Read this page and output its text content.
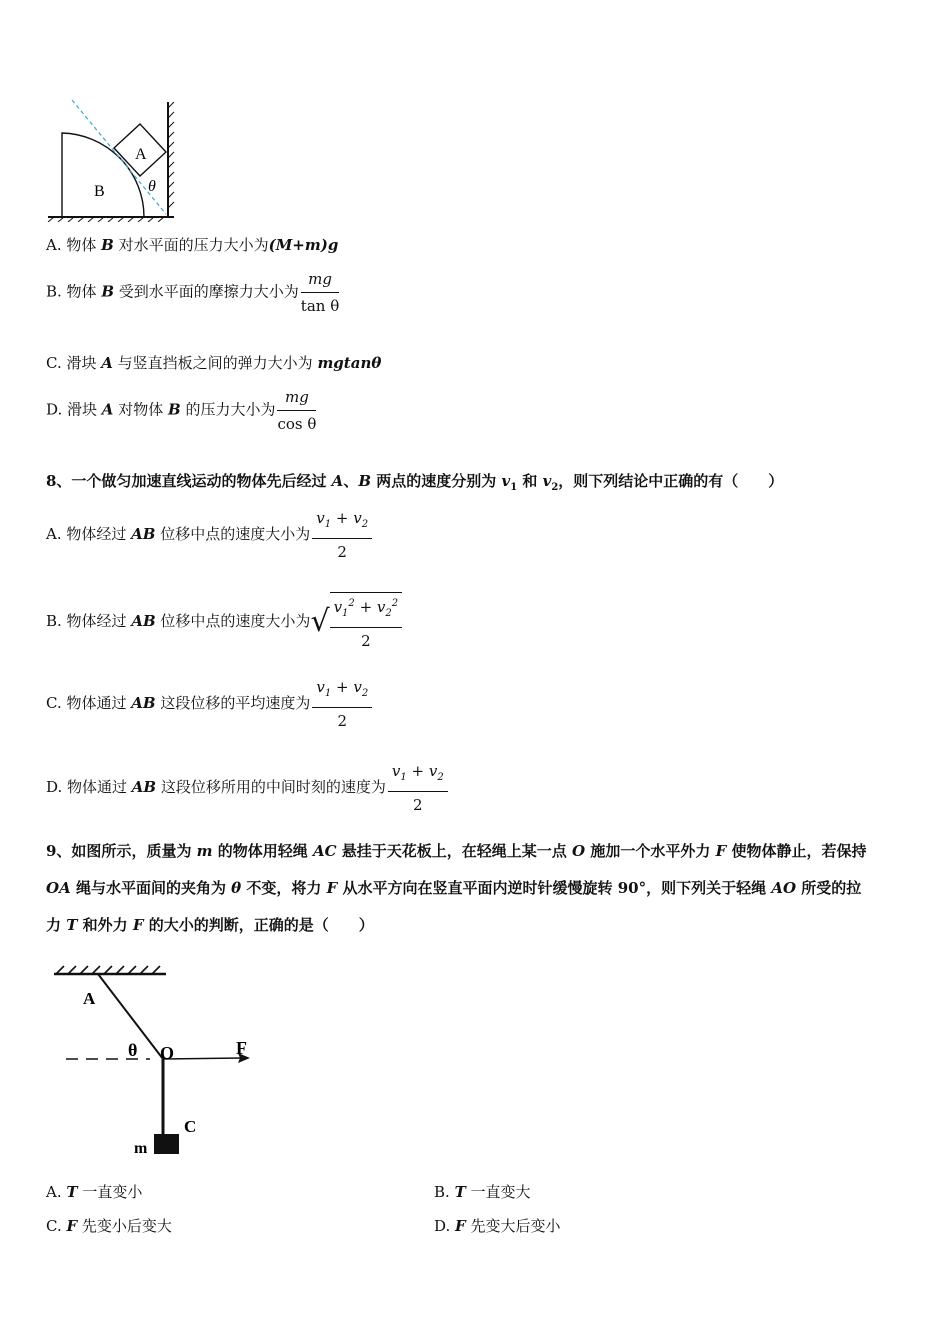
A
B	θ
A. 物体 B 对水平面的压力大小为(M+m)g
B. 物体 B 受到水平面的摩擦力大小为 $\frac{mg}{\text{tan θ}}$
C. 滑块 A 与竖直挡板之间的弹力大小为 mgtanθ
D. 滑块 A 对物体 B 的压力大小为 $\frac{mg}{\text{cos θ}}$
8、一个做匀加速直线运动的物体先后经过 A、B 两点的速度分别为 $v_1$ 和 $v_2$，则下列结论中正确的有（　　）
A. 物体经过 AB 位移中点的速度大小为 $\frac{v_1 + v_2}{2}$
B. 物体经过 AB 位移中点的速度大小为√ $\frac{v_1^2 + v_2^2}{2}$
C. 物体通过 AB 这段位移的平均速度为 $\frac{v_1 + v_2}{2}$
D. 物体通过 AB 这段位移所用的中间时刻的速度为 $\frac{v_1 + v_2}{2}$
9、如图所示，质量为 m 的物体用轻绳 AC 悬挂于天花板上，在轻绳上某一点 O 施加一个水平外力 F 使物体静止，若保持
OA 绳与水平面间的夹角为 θ 不变，将力 F 从水平方向在竖直平面内逆时针缓慢旋转 90°，则下列关于轻绳 AO 所受的拉
力 T 和外力 F 的大小的判断，正确的是（　　）
A
θ O	F
C
m
A. T 一直变小	B. T 一直变大
C. F 先变小后变大	D. F 先变大后变小
